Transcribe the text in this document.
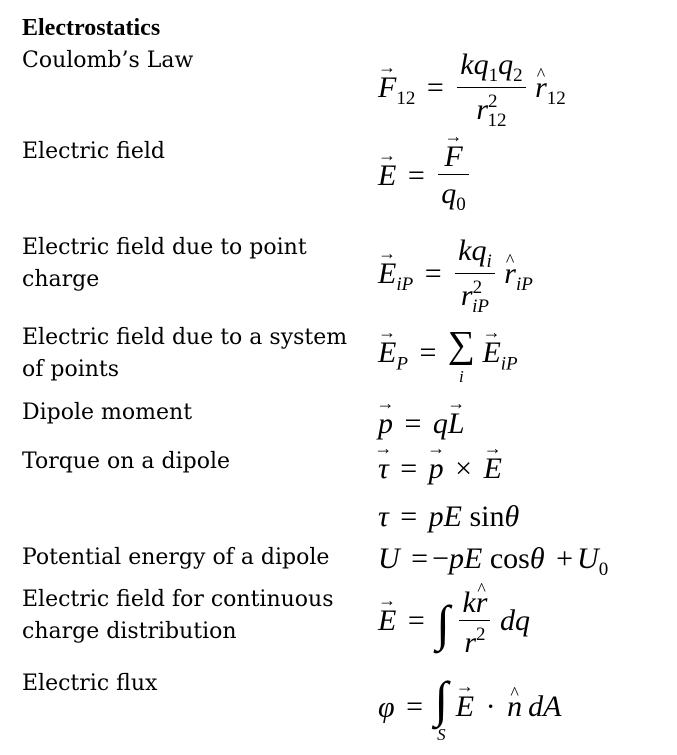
Electrostatics
Coulomb’s Law
Electric field
Electric field due to point charge
Electric field due to a system of points
Dipole moment
Torque on a dipole
Potential energy of a dipole
Electric field for continuous charge distribution
Electric flux
→ $F_{12} = \frac{kq_1q_2}{r^2_{12}}$ ^ $r_{12}$
→ E = → $\frac{F}{q_0}$
→ $E_{iP} = \frac{kq_i}{r^2_{iP}}$ ^ $r_{iP}$
→ $E_P$ = ∑
i
→ $E_{iP}$
→ p = q→ L
→ τ = → p × → E
τ = pE sinθ
U = −pE $\cos\theta + U_0$
→ E = ∫ $\frac{k\^{} r}{r^2}$ dq
φ = ∫
S
→ E · ^ n dA
